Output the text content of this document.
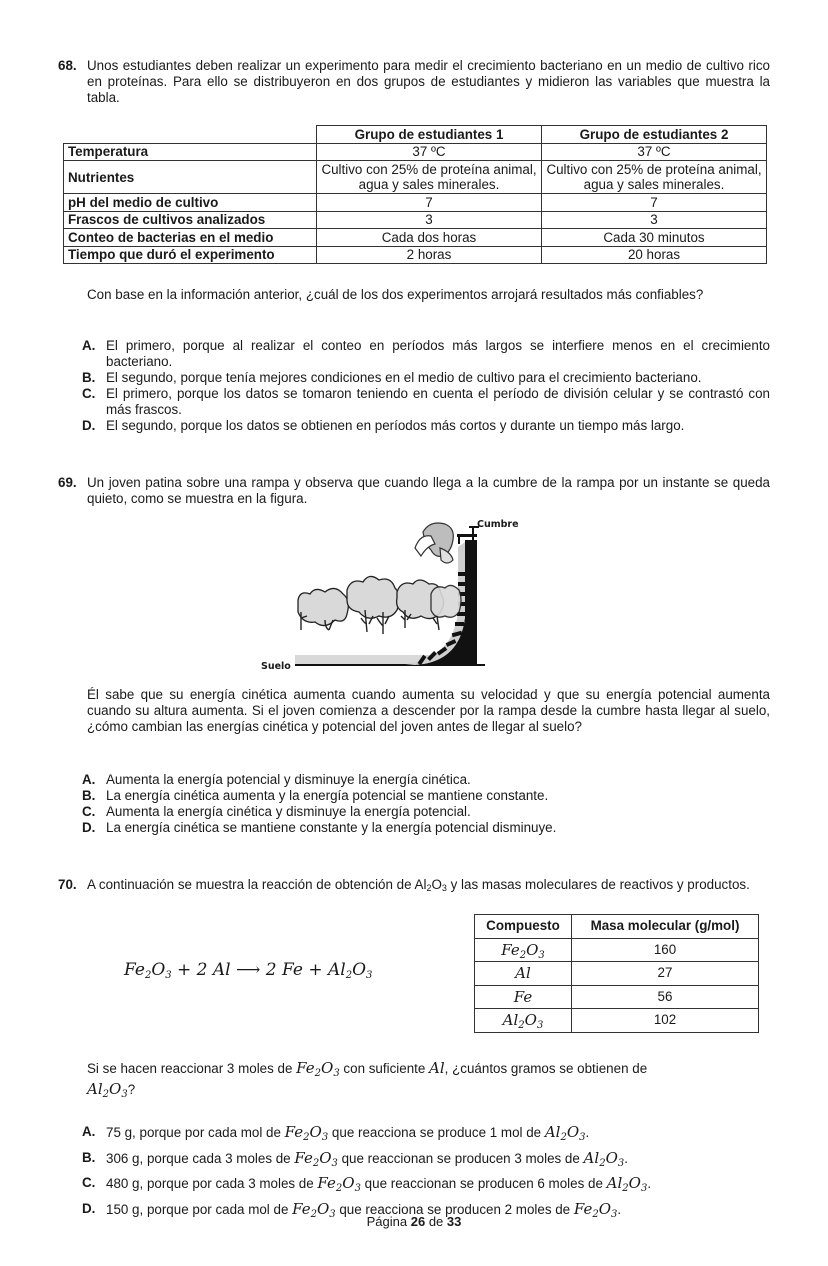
68. Unos estudiantes deben realizar un experimento para medir el crecimiento bacteriano en un medio de cultivo rico en proteínas. Para ello se distribuyeron en dos grupos de estudiantes y midieron las variables que muestra la tabla.
	Grupo de estudiantes 1	Grupo de estudiantes 2
Temperatura	37 ºC	37 ºC
Nutrientes	Cultivo con 25% de proteína animal, agua y sales minerales.	Cultivo con 25% de proteína animal, agua y sales minerales.
pH del medio de cultivo	7	7
Frascos de cultivos analizados	3	3
Conteo de bacterias en el medio	Cada dos horas	Cada 30 minutos
Tiempo que duró el experimento	2 horas	20 horas
Con base en la información anterior, ¿cuál de los dos experimentos arrojará resultados más confiables?
A. El primero, porque al realizar el conteo en períodos más largos se interfiere menos en el crecimiento bacteriano.
B. El segundo, porque tenía mejores condiciones en el medio de cultivo para el crecimiento bacteriano.
C. El primero, porque los datos se tomaron teniendo en cuenta el período de división celular y se contrastó con más frascos.
D. El segundo, porque los datos se obtienen en períodos más cortos y durante un tiempo más largo.
69. Un joven patina sobre una rampa y observa que cuando llega a la cumbre de la rampa por un instante se queda quieto, como se muestra en la figura.
Cumbre
Suelo
Él sabe que su energía cinética aumenta cuando aumenta su velocidad y que su energía potencial aumenta cuando su altura aumenta. Si el joven comienza a descender por la rampa desde la cumbre hasta llegar al suelo, ¿cómo cambian las energías cinética y potencial del joven antes de llegar al suelo?
A. Aumenta la energía potencial y disminuye la energía cinética.
B. La energía cinética aumenta y la energía potencial se mantiene constante.
C. Aumenta la energía cinética y disminuye la energía potencial.
D. La energía cinética se mantiene constante y la energía potencial disminuye.
70. A continuación se muestra la reacción de obtención de $Al_2O_3$ y las masas moleculares de reactivos y productos.
$Fe_2O_3 + 2$ Al ⟶ 2 $Fe + Al_2O_3$
Compuesto	Masa molecular (g/mol)
$Fe_2O_3$	160
Al	27
Fe	56
$Al_2O_3$	102
Si se hacen reaccionar 3 moles de $Fe_2O_3$ con suficiente Al, ¿cuántos gramos se obtienen de
$Al_2O_3$?
A. 75 g, porque por cada mol de $Fe_2O_3$ que reacciona se produce 1 mol de $Al_2O_3$.
B. 306 g, porque cada 3 moles de $Fe_2O_3$ que reaccionan se producen 3 moles de $Al_2O_3$.
C. 480 g, porque por cada 3 moles de $Fe_2O_3$ que reaccionan se producen 6 moles de $Al_2O_3$.
D. 150 g, porque por cada mol de $Fe_2O_3$ que reacciona se producen 2 moles de $Fe_2O_3$.
Página 26 de 33
